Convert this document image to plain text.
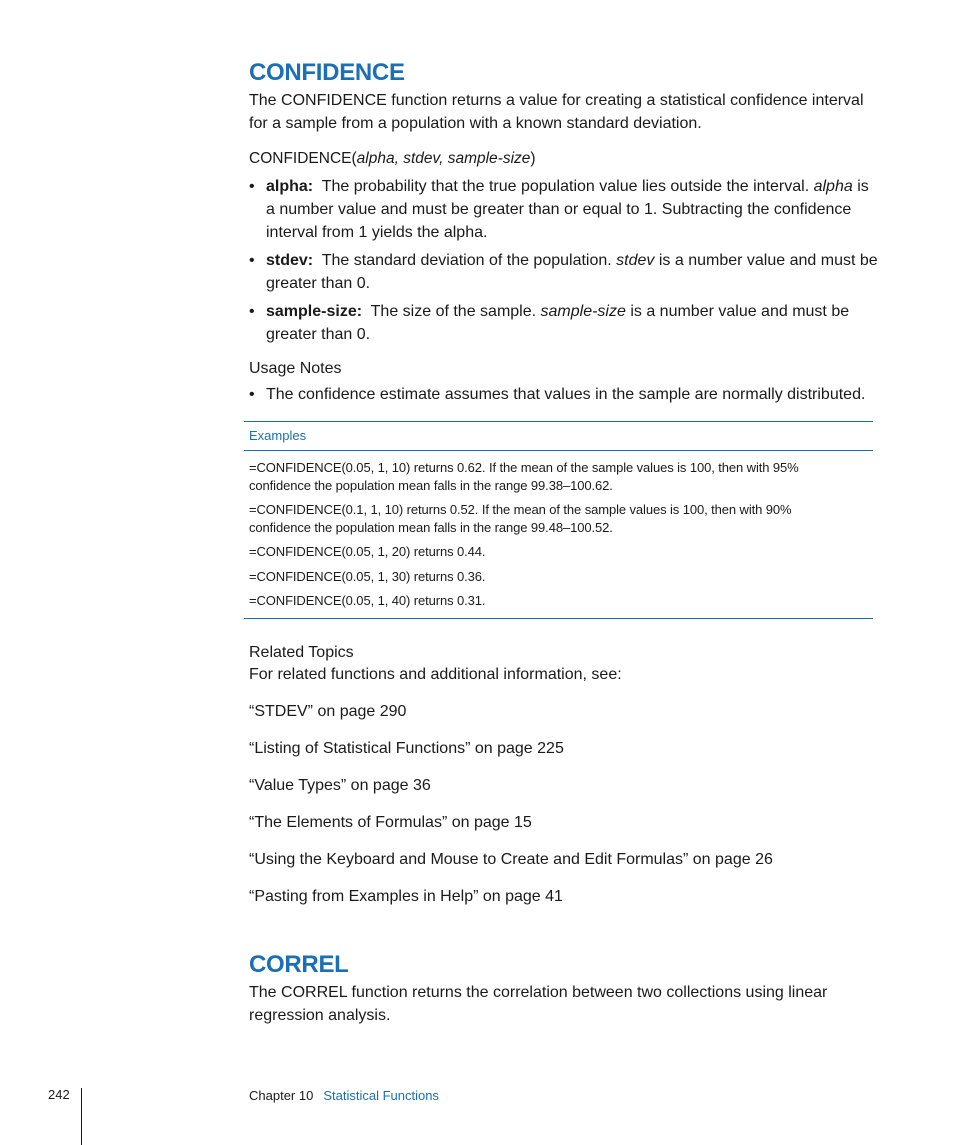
CONFIDENCE

The CONFIDENCE function returns a value for creating a statistical confidence interval for a sample from a population with a known standard deviation.

CONFIDENCE(alpha, stdev, sample-size)

• alpha: The probability that the true population value lies outside the interval. alpha is a number value and must be greater than or equal to 1. Subtracting the confidence interval from 1 yields the alpha.
• stdev: The standard deviation of the population. stdev is a number value and must be greater than 0.
• sample-size: The size of the sample. sample-size is a number value and must be greater than 0.

Usage Notes

• The confidence estimate assumes that values in the sample are normally distributed.
Examples
=CONFIDENCE(0.05, 1, 10) returns 0.62. If the mean of the sample values is 100, then with 95% confidence the population mean falls in the range 99.38–100.62.
=CONFIDENCE(0.1, 1, 10) returns 0.52. If the mean of the sample values is 100, then with 90% confidence the population mean falls in the range 99.48–100.52.
=CONFIDENCE(0.05, 1, 20) returns 0.44.
=CONFIDENCE(0.05, 1, 30) returns 0.36.
=CONFIDENCE(0.05, 1, 40) returns 0.31.

Related Topics

For related functions and additional information, see:

“STDEV” on page 290
“Listing of Statistical Functions” on page 225
“Value Types” on page 36
“The Elements of Formulas” on page 15
“Using the Keyboard and Mouse to Create and Edit Formulas” on page 26
“Pasting from Examples in Help” on page 41
CORREL

The CORREL function returns the correlation between two collections using linear regression analysis.

242	Chapter 10 Statistical Functions
